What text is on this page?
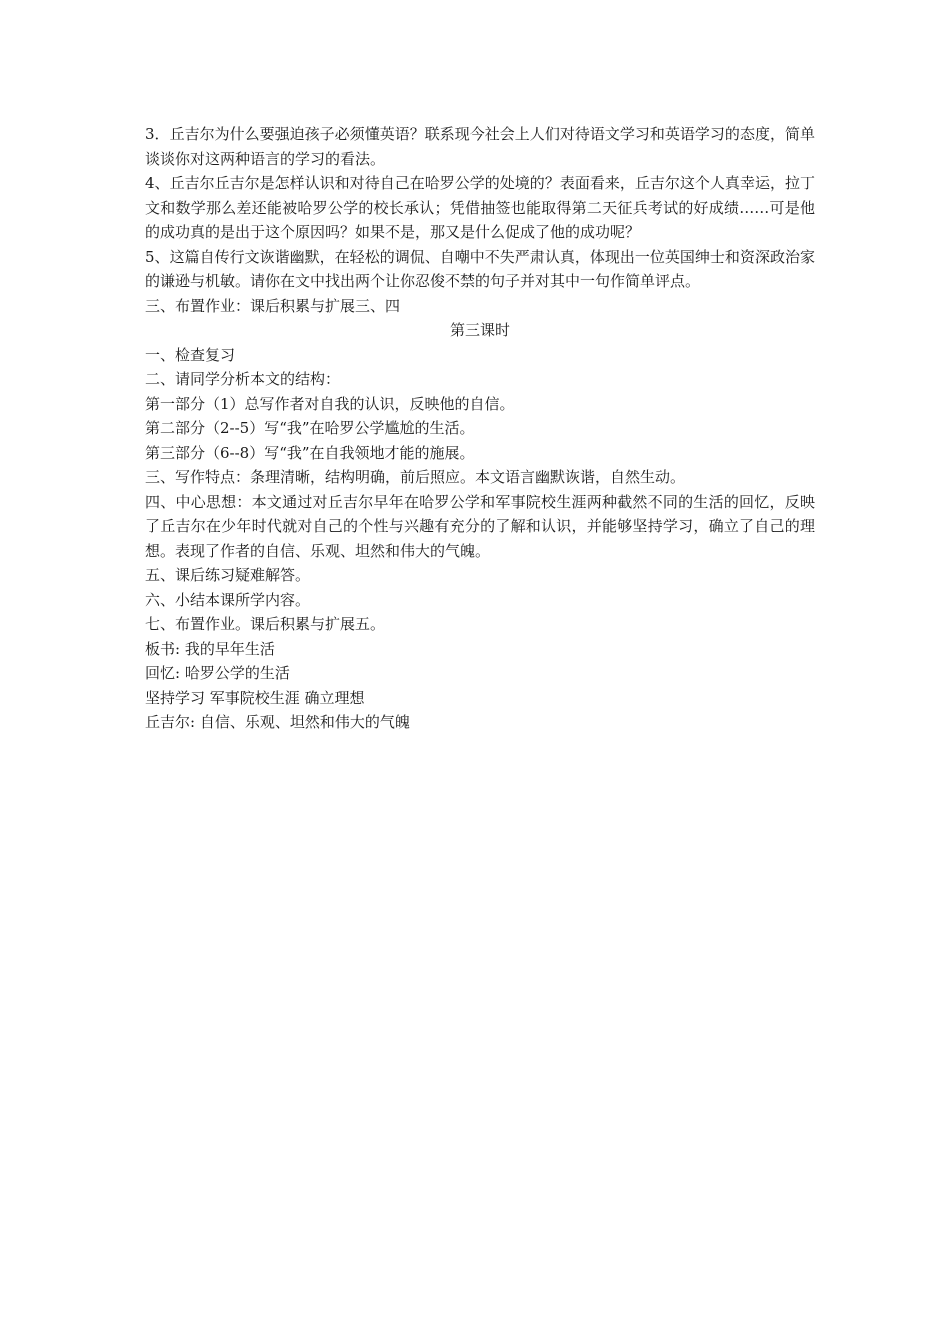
3．丘吉尔为什么要强迫孩子必须懂英语？联系现今社会上人们对待语文学习和英语学习的态度，简单谈谈你对这两种语言的学习的看法。

4、丘吉尔丘吉尔是怎样认识和对待自己在哈罗公学的处境的？表面看来，丘吉尔这个人真幸运，拉丁文和数学那么差还能被哈罗公学的校长承认；凭借抽签也能取得第二天征兵考试的好成绩……可是他的成功真的是出于这个原因吗？如果不是，那又是什么促成了他的成功呢？

5、这篇自传行文诙谐幽默，在轻松的调侃、自嘲中不失严肃认真，体现出一位英国绅士和资深政治家的谦逊与机敏。请你在文中找出两个让你忍俊不禁的句子并对其中一句作简单评点。

三、布置作业：课后积累与扩展三、四

第三课时

一、检查复习

二、请同学分析本文的结构：

第一部分（1）总写作者对自我的认识，反映他的自信。

第二部分（2--5）写“我”在哈罗公学尴尬的生活。

第三部分（6--8）写“我”在自我领地才能的施展。

三、写作特点：条理清晰，结构明确，前后照应。本文语言幽默诙谐，自然生动。

四、中心思想：本文通过对丘吉尔早年在哈罗公学和军事院校生涯两种截然不同的生活的回忆，反映了丘吉尔在少年时代就对自己的个性与兴趣有充分的了解和认识，并能够坚持学习，确立了自己的理想。表现了作者的自信、乐观、坦然和伟大的气魄。

五、课后练习疑难解答。

六、小结本课所学内容。

七、布置作业。课后积累与扩展五。

板书: 我的早年生活

回忆: 哈罗公学的生活

坚持学习 军事院校生涯 确立理想

丘吉尔: 自信、乐观、坦然和伟大的气魄
